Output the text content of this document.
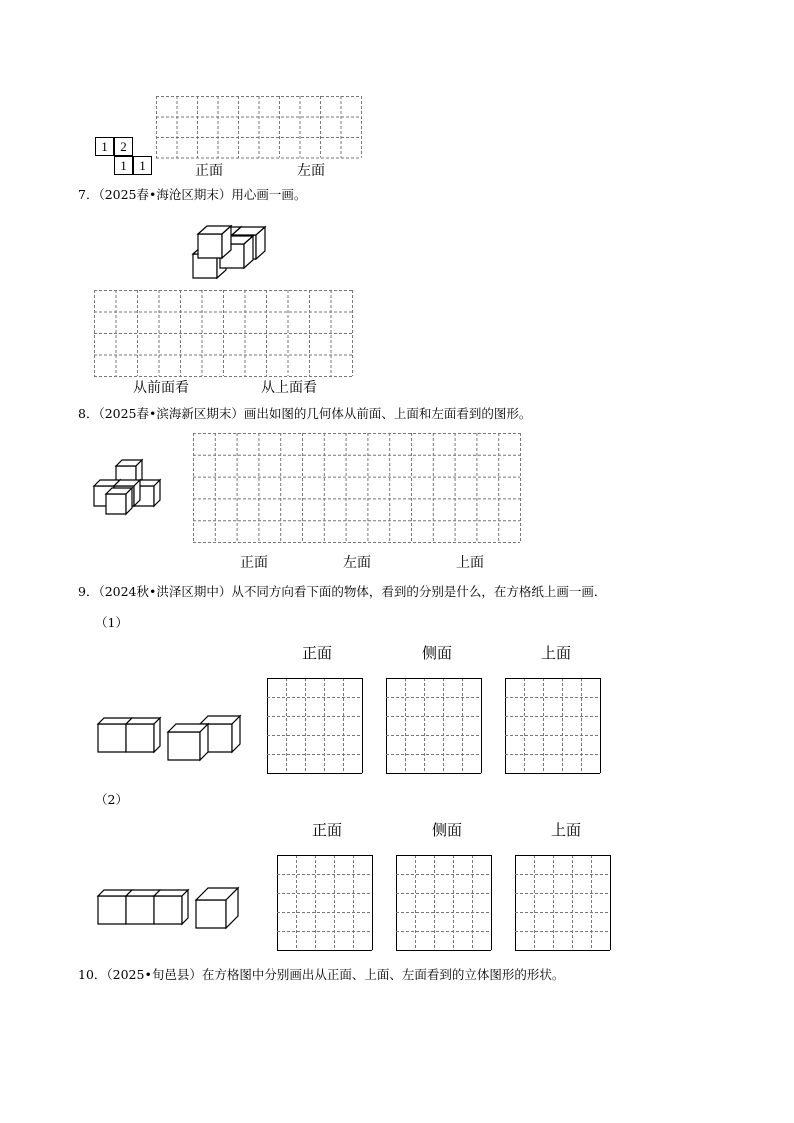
1 2
1 1	正面	左面
7．（2025春•海沧区期末）用心画一画。
从前面看	从上面看
8．（2025春•滨海新区期末）画出如图的几何体从前面、上面和左面看到的图形。
正面	左面	上面
9．（2024秋•洪泽区期中）从不同方向看下面的物体，看到的分别是什么，在方格纸上画一画．
（1）
正面	侧面	上面
（2）
正面	侧面	上面
10．（2025•旬邑县）在方格图中分别画出从正面、上面、左面看到的立体图形的形状。
